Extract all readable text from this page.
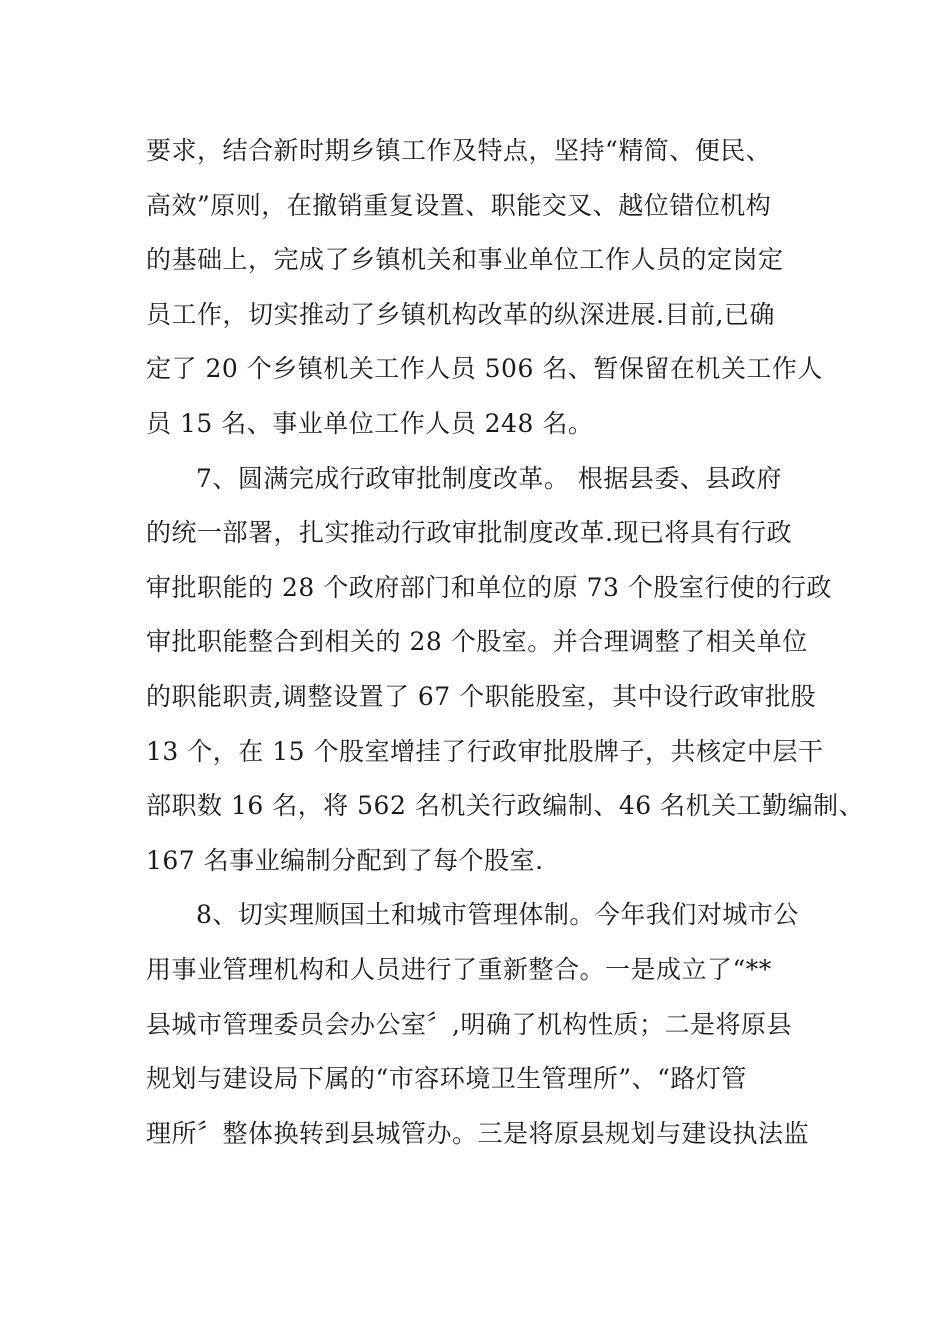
要求，结合新时期乡镇工作及特点，坚持“精简、便民、
高效”原则，在撤销重复设置、职能交叉、越位错位机构
的基础上，完成了乡镇机关和事业单位工作人员的定岗定
员工作，切实推动了乡镇机构改革的纵深进展.目前,已确
定了 20 个乡镇机关工作人员 506 名、暂保留在机关工作人
员 15 名、事业单位工作人员 248 名。
7、圆满完成行政审批制度改革。 根据县委、县政府
的统一部署，扎实推动行政审批制度改革.现已将具有行政
审批职能的 28 个政府部门和单位的原 73 个股室行使的行政
审批职能整合到相关的 28 个股室。并合理调整了相关单位
的职能职责,调整设置了 67 个职能股室，其中设行政审批股
13 个，在 15 个股室增挂了行政审批股牌子，共核定中层干
部职数 16 名，将 562 名机关行政编制、46 名机关工勤编制、
167 名事业编制分配到了每个股室.
8、切实理顺国土和城市管理体制。今年我们对城市公
用事业管理机构和人员进行了重新整合。一是成立了“**
县城市管理委员会办公室〞,明确了机构性质；二是将原县
规划与建设局下属的“市容环境卫生管理所”、“路灯管
理所〞整体换转到县城管办。三是将原县规划与建设执法监
